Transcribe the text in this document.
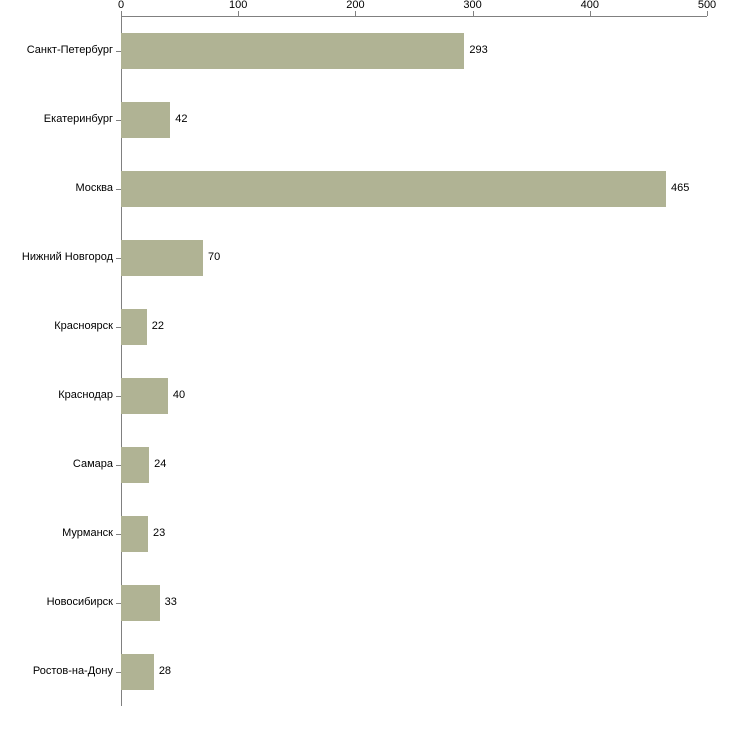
0	100	200	300	400	500
Санкт-Петербург
Екатеринбург
Москва
Нижний Новгород
Красноярск
Краснодар
Самара
Мурманск
Новосибирск
Ростов-на-Дону
293
42
465
70
22
40
24
23
33
28
